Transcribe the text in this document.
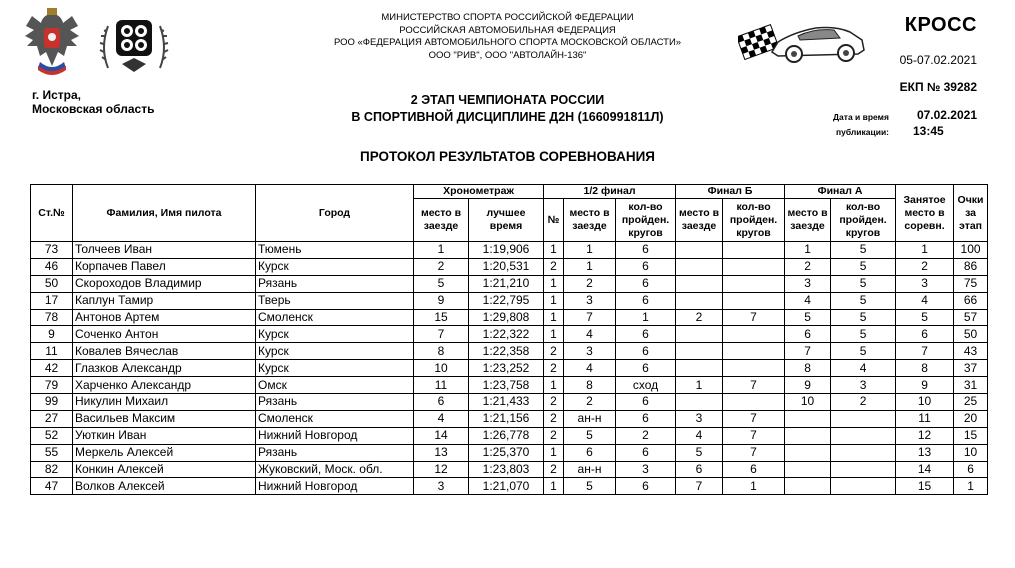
г. Истра,
Московская область
МИНИСТЕРСТВО СПОРТА РОССИЙСКОЙ ФЕДЕРАЦИИ
РОССИЙСКАЯ АВТОМОБИЛЬНАЯ ФЕДЕРАЦИЯ
РОО «ФЕДЕРАЦИЯ АВТОМОБИЛЬНОГО СПОРТА МОСКОВСКОЙ ОБЛАСТИ»
ООО "РИВ", ООО "АВТОЛАЙН-136"
2 ЭТАП ЧЕМПИОНАТА РОССИИ
В СПОРТИВНОЙ ДИСЦИПЛИНЕ Д2Н (1660991811Л)
ПРОТОКОЛ РЕЗУЛЬТАТОВ СОРЕВНОВАНИЯ
КРОСС
05-07.02.2021
ЕКП № 39282
Дата и время 07.02.2021
публикации: 13:45
Ст.№	Фамилия, Имя пилота	Город	Хронометраж		1/2 финал			Финал Б		Финал А		Занятое место в соревн.	Очки за этап
			место в заезде	лучшее время	№	место в заезде	кол-во пройден. кругов	место в заезде	кол-во пройден. кругов	место в заезде	кол-во пройден. кругов		
73	Толчеев Иван	Тюмень	1	1:19,906	1	1	6			1	5	1	100
46	Корпачев Павел	Курск	2	1:20,531	2	1	6			2	5	2	86
50	Скороходов Владимир	Рязань	5	1:21,210	1	2	6			3	5	3	75
17	Каплун Тамир	Тверь	9	1:22,795	1	3	6			4	5	4	66
78	Антонов Артем	Смоленск	15	1:29,808	1	7	1	2	7	5	5	5	57
9	Соченко Антон	Курск	7	1:22,322	1	4	6			6	5	6	50
11	Ковалев Вячеслав	Курск	8	1:22,358	2	3	6			7	5	7	43
42	Глазков Александр	Курск	10	1:23,252	2	4	6			8	4	8	37
79	Харченко Александр	Омск	11	1:23,758	1	8	сход	1	7	9	3	9	31
99	Никулин Михаил	Рязань	6	1:21,433	2	2	6			10	2	10	25
27	Васильев Максим	Смоленск	4	1:21,156	2	ан-н	6	3	7			11	20
52	Уюткин Иван	Нижний Новгород	14	1:26,778	2	5	2	4	7			12	15
55	Меркель Алексей	Рязань	13	1:25,370	1	6	6	5	7			13	10
82	Конкин Алексей	Жуковский, Моск. обл.	12	1:23,803	2	ан-н	3	6	6			14	6
47	Волков Алексей	Нижний Новгород	3	1:21,070	1	5	6	7	1			15	1
